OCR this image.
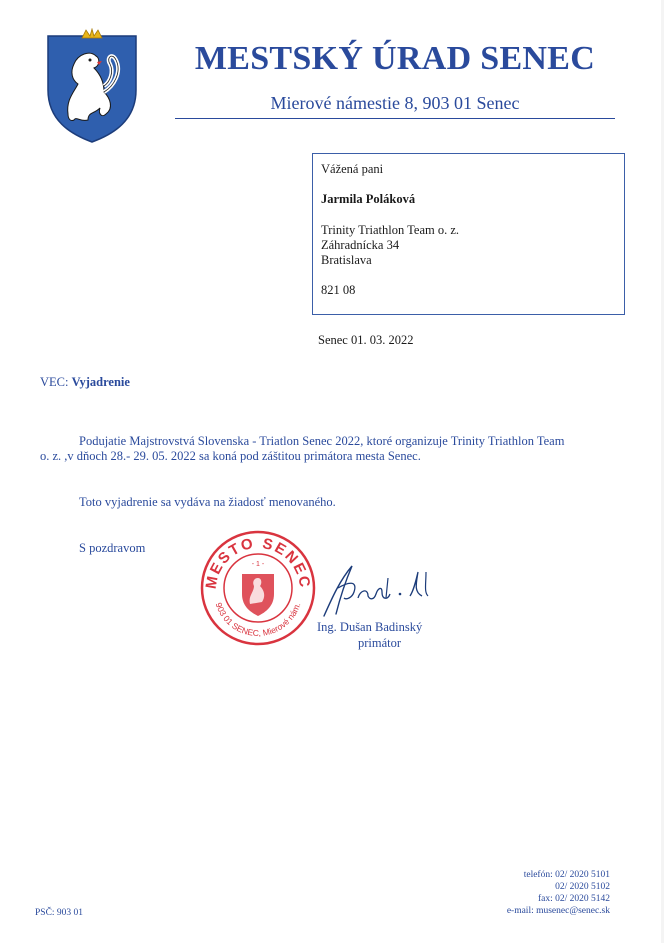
MESTSKÝ ÚRAD SENEC
Mierové námestie 8, 903 01 Senec
Vážená pani
Jarmila Poláková
Trinity Triathlon Team o. z.
Záhradnícka 34
Bratislava
821 08
Senec 01. 03. 2022
VEC: Vyjadrenie
Podujatie Majstrovstvá Slovenska - Triatlon Senec 2022, ktoré organizuje Trinity Triathlon Team
o. z. ,v dňoch 28.- 29. 05. 2022 sa koná pod záštitou primátora mesta Senec.
Toto vyjadrenie sa vydáva na žiadosť menovaného.
S pozdravom
MESTO SENEC
903 01 SENEC, Mierové nám.
- 1 -
Ing. Dušan Badinský
primátor
telefón: 02/ 2020 5101
02/ 2020 5102
fax: 02/ 2020 5142
e-mail: musenec@senec.sk
PSČ: 903 01
